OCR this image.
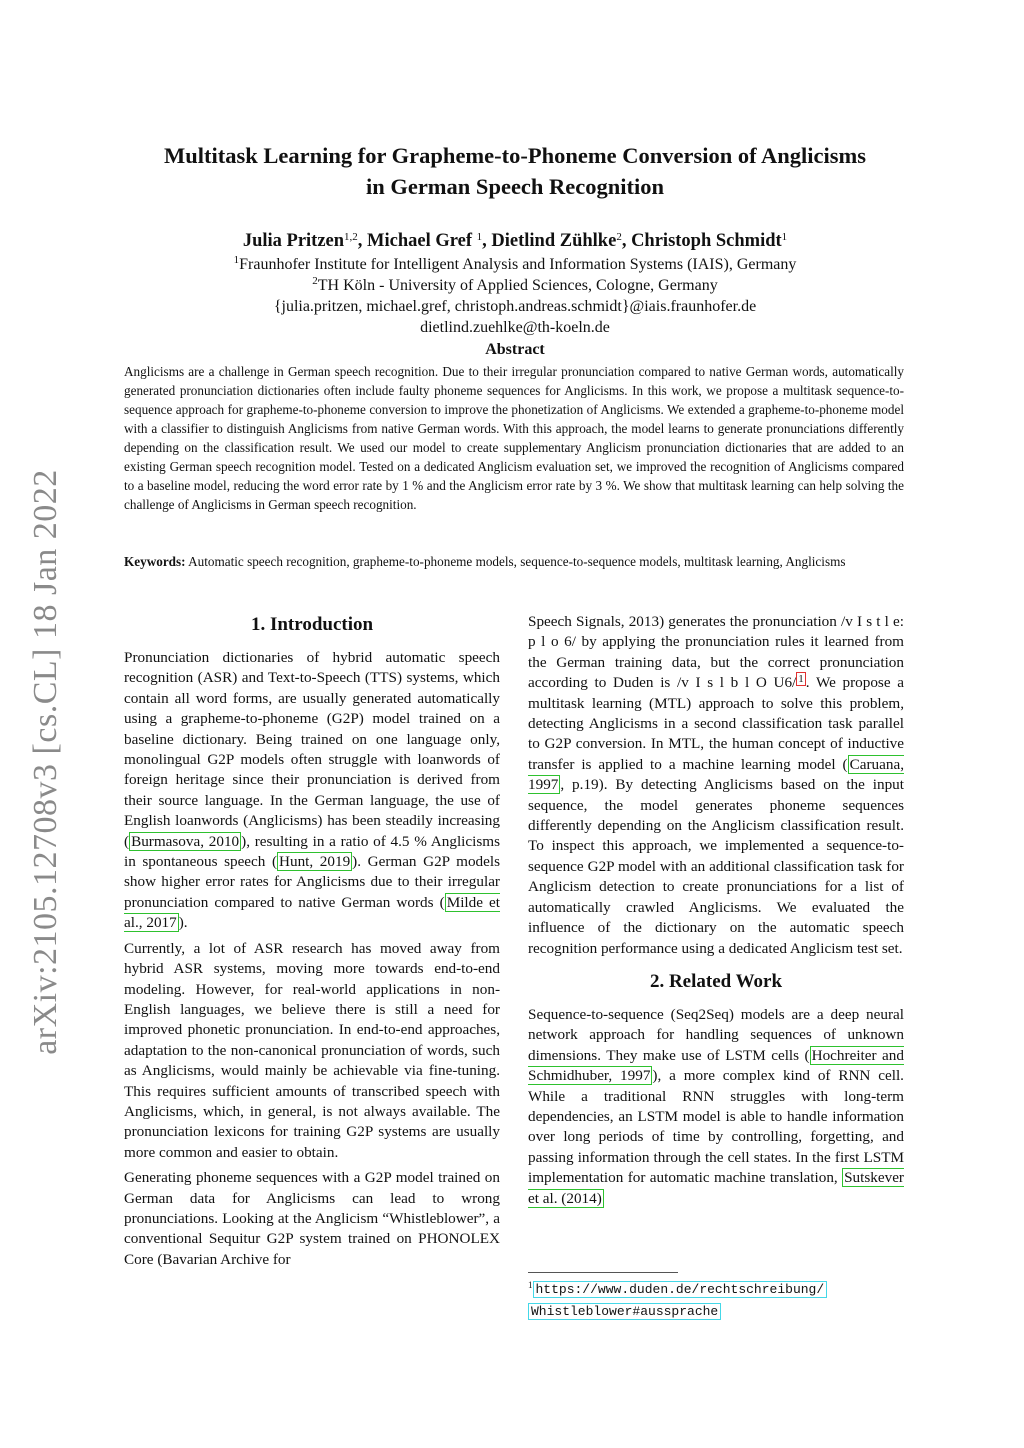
arXiv:2105.12708v3 [cs.CL] 18 Jan 2022
Multitask Learning for Grapheme-to-Phoneme Conversion of Anglicisms
in German Speech Recognition
Julia Pritzen$^{1,2}$, Michael Gref $^1$, Dietlind Zühlke$^2$, Christoph Schmidt$^1$
$^1$Fraunhofer Institute for Intelligent Analysis and Information Systems (IAIS), Germany
$^2$TH Köln - University of Applied Sciences, Cologne, Germany
{julia.pritzen, michael.gref, christoph.andreas.schmidt}@iais.fraunhofer.de
dietlind.zuehlke@th-koeln.de
Abstract
Anglicisms are a challenge in German speech recognition. Due to their irregular pronunciation compared to native German words, automatically generated pronunciation dictionaries often include faulty phoneme sequences for Anglicisms. In this work, we propose a multitask sequence-to-sequence approach for grapheme-to-phoneme conversion to improve the phonetization of Anglicisms. We extended a grapheme-to-phoneme model with a classifier to distinguish Anglicisms from native German words. With this approach, the model learns to generate pronunciations differently depending on the classification result. We used our model to create supplementary Anglicism pronunciation dictionaries that are added to an existing German speech recognition model. Tested on a dedicated Anglicism evaluation set, we improved the recognition of Anglicisms compared to a baseline model, reducing the word error rate by 1 % and the Anglicism error rate by 3 %. We show that multitask learning can help solving the challenge of Anglicisms in German speech recognition.
Keywords: Automatic speech recognition, grapheme-to-phoneme models, sequence-to-sequence models, multitask learning, Anglicisms
1. Introduction

Pronunciation dictionaries of hybrid automatic speech recognition (ASR) and Text-to-Speech (TTS) systems, which contain all word forms, are usually generated automatically using a grapheme-to-phoneme (G2P) model trained on a baseline dictionary. Being trained on one language only, monolingual G2P models often struggle with loanwords of foreign heritage since their pronunciation is derived from their source language. In the German language, the use of English loanwords (Anglicisms) has been steadily increasing ( Burmasova, 2010 ), resulting in a ratio of 4.5 % Anglicisms in spontaneous speech ( Hunt, 2019 ). German G2P models show higher error rates for Anglicisms due to their irregular pronunciation compared to native German words ( Milde et al., 2017 ).

Currently, a lot of ASR research has moved away from hybrid ASR systems, moving more towards end-to-end modeling. However, for real-world applications in non-English languages, we believe there is still a need for improved phonetic pronunciation. In end-to-end approaches, adaptation to the non-canonical pronunciation of words, such as Anglicisms, would mainly be achievable via fine-tuning. This requires sufficient amounts of transcribed speech with Anglicisms, which, in general, is not always available. The pronunciation lexicons for training G2P systems are usually more common and easier to obtain.

Generating phoneme sequences with a G2P model trained on German data for Anglicisms can lead to wrong pronunciations. Looking at the Anglicism “Whistleblower”, a conventional Sequitur G2P system trained on PHONOLEX Core (Bavarian Archive for

Speech Signals, 2013) generates the pronunciation /v I s t l e: p l o 6/ by applying the pronunciation rules it learned from the German training data, but the correct pronunciation according to Duden is /v I s l b l O U6/ $^1$ . We propose a multitask learning (MTL) approach to solve this problem, detecting Anglicisms in a second classification task parallel to G2P conversion. In MTL, the human concept of inductive transfer is applied to a machine learning model ( Caruana, 1997 , p.19). By detecting Anglicisms based on the input sequence, the model generates phoneme sequences differently depending on the Anglicism classification result. To inspect this approach, we implemented a sequence-to-sequence G2P model with an additional classification task for Anglicism detection to create pronunciations for a list of automatically crawled Anglicisms. We evaluated the influence of the dictionary on the automatic speech recognition performance using a dedicated Anglicism test set.

2. Related Work

Sequence-to-sequence (Seq2Seq) models are a deep neural network approach for handling sequences of unknown dimensions. They make use of LSTM cells ( Hochreiter and Schmidhuber, 1997 ), a more complex kind of RNN cell. While a traditional RNN struggles with long-term dependencies, an LSTM model is able to handle information over long periods of time by controlling, forgetting, and passing information through the cell states. In the first LSTM implementation for automatic machine translation, Sutskever et al. (2014)

$^1$ https://www.duden.de/rechtschreibung/
Whistleblower#aussprache
